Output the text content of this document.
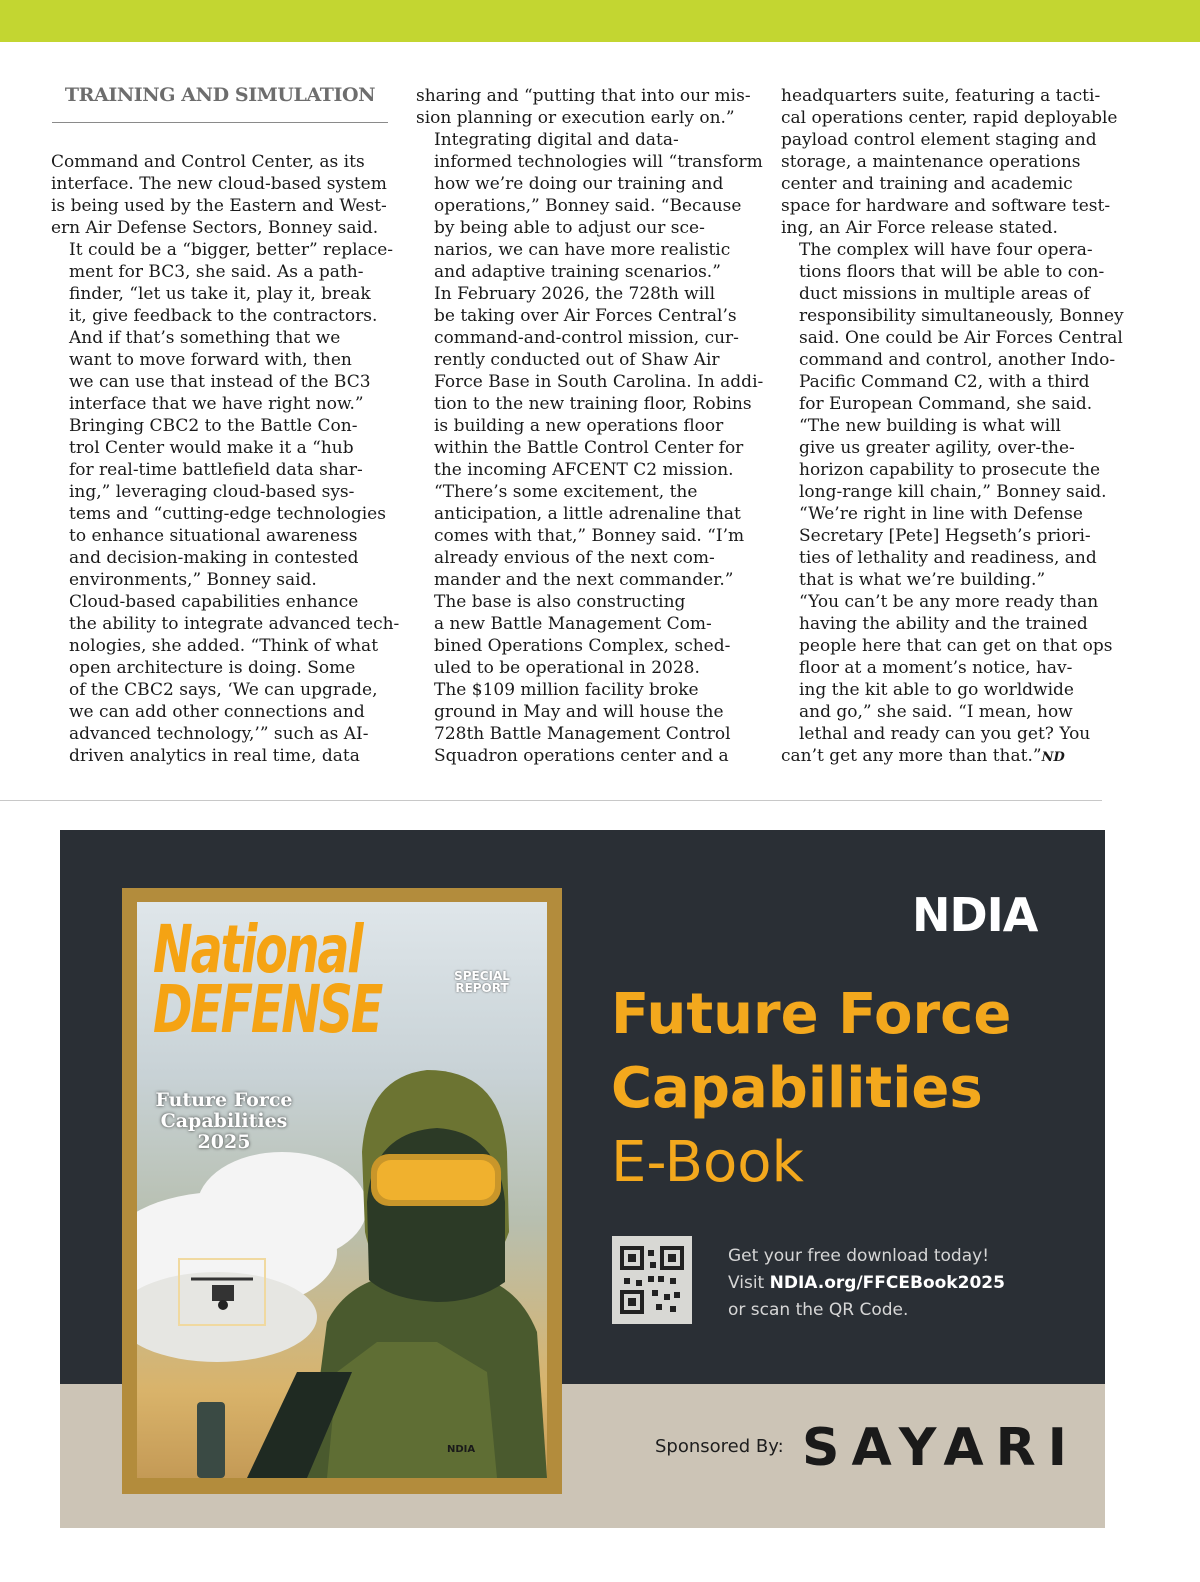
TRAINING AND SIMULATION

Command and Control Center, as its
interface. The new cloud-based system
is being used by the Eastern and West-
ern Air Defense Sectors, Bonney said.

It could be a “bigger, better” replace-
ment for BC3, she said. As a path-
finder, “let us take it, play it, break
it, give feedback to the contractors.
And if that’s something that we
want to move forward with, then
we can use that instead of the BC3
interface that we have right now.”

Bringing CBC2 to the Battle Con-
trol Center would make it a “hub
for real-time battlefield data shar-
ing,” leveraging cloud-based sys-
tems and “cutting-edge technologies
to enhance situational awareness
and decision-making in contested
environments,” Bonney said.

Cloud-based capabilities enhance
the ability to integrate advanced tech-
nologies, she added. “Think of what
open architecture is doing. Some
of the CBC2 says, ‘We can upgrade,
we can add other connections and
advanced technology,’” such as AI-
driven analytics in real time, data

sharing and “putting that into our mis-
sion planning or execution early on.”

Integrating digital and data-
informed technologies will “transform
how we’re doing our training and
operations,” Bonney said. “Because
by being able to adjust our sce-
narios, we can have more realistic
and adaptive training scenarios.”

In February 2026, the 728th will
be taking over Air Forces Central’s
command-and-control mission, cur-
rently conducted out of Shaw Air
Force Base in South Carolina. In addi-
tion to the new training floor, Robins
is building a new operations floor
within the Battle Control Center for
the incoming AFCENT C2 mission.

“There’s some excitement, the
anticipation, a little adrenaline that
comes with that,” Bonney said. “I’m
already envious of the next com-
mander and the next commander.”

The base is also constructing
a new Battle Management Com-
bined Operations Complex, sched-
uled to be operational in 2028.

The $109 million facility broke
ground in May and will house the
728th Battle Management Control
Squadron operations center and a

headquarters suite, featuring a tacti-
cal operations center, rapid deployable
payload control element staging and
storage, a maintenance operations
center and training and academic
space for hardware and software test-
ing, an Air Force release stated.

The complex will have four opera-
tions floors that will be able to con-
duct missions in multiple areas of
responsibility simultaneously, Bonney
said. One could be Air Forces Central
command and control, another Indo-
Pacific Command C2, with a third
for European Command, she said.

“The new building is what will
give us greater agility, over-the-
horizon capability to prosecute the
long-range kill chain,” Bonney said.
“We’re right in line with Defense
Secretary [Pete] Hegseth’s priori-
ties of lethality and readiness, and
that is what we’re building.”

“You can’t be any more ready than
having the ability and the trained
people here that can get on that ops
floor at a moment’s notice, hav-
ing the kit able to go worldwide
and go,” she said. “I mean, how
lethal and ready can you get? You
can’t get any more than that.”ND

National
DEFENSE	SPECIAL
REPORT
Future Force
Capabilities
2025
NDIA
NDIA
Future Force
Capabilities
E-Book
Get your free download today!
Visit NDIA.org/FFCEBook2025
or scan the QR Code.
Sponsored By: SAYARI
